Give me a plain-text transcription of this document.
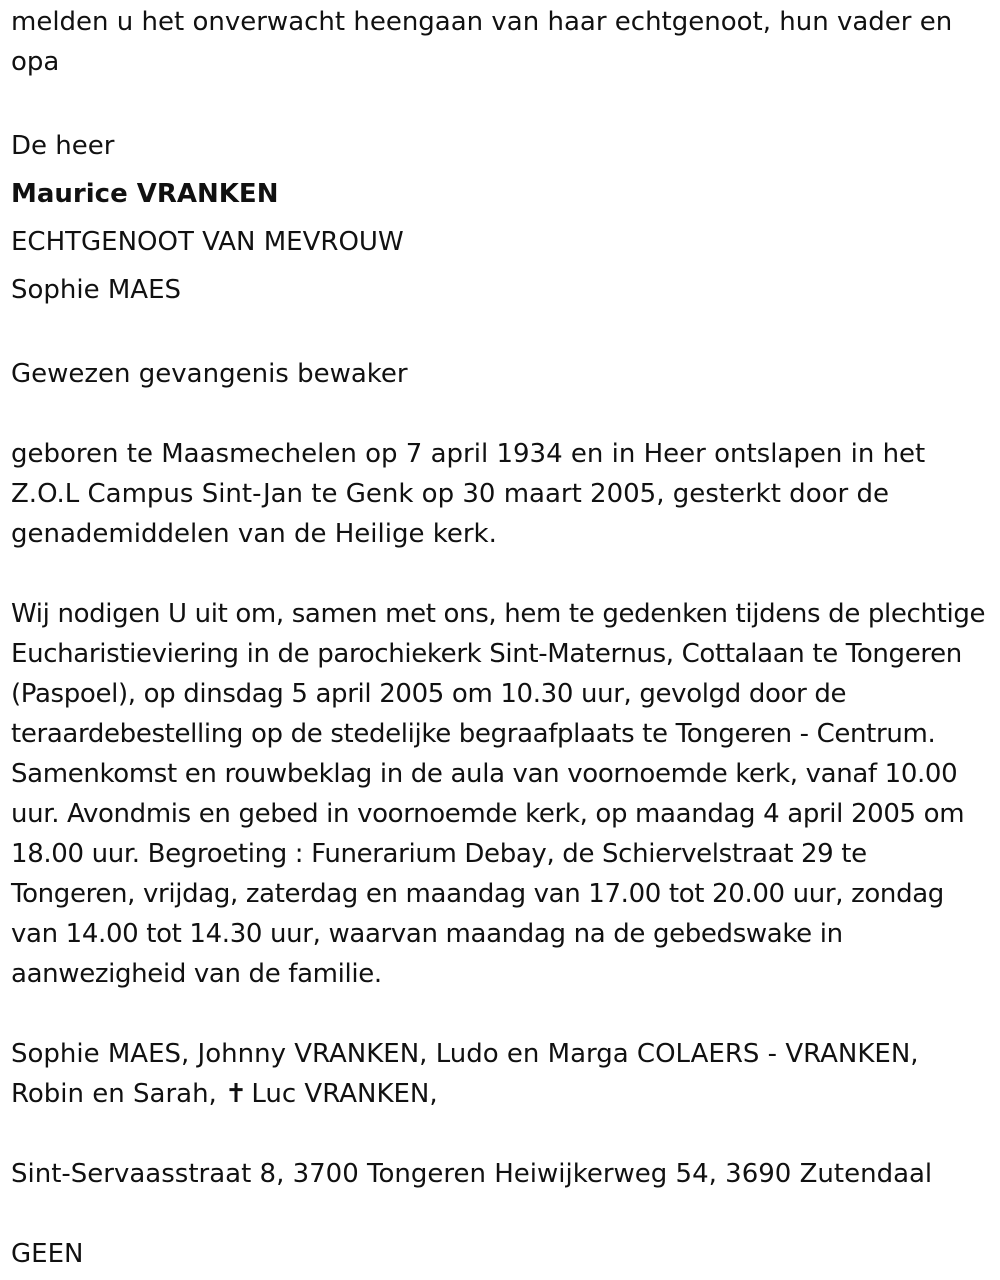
melden u het onverwacht heengaan van haar echtgenoot, hun vader en opa

De heer
Maurice VRANKEN
ECHTGENOOT VAN MEVROUW
Sophie MAES

Gewezen gevangenis bewaker

geboren te Maasmechelen op 7 april 1934 en in Heer ontslapen in het Z.O.L Campus Sint-Jan te Genk op 30 maart 2005, gesterkt door de genademiddelen van de Heilige kerk.

Wij nodigen U uit om, samen met ons, hem te gedenken tijdens de plechtige Eucharistieviering in de parochiekerk Sint-Maternus, Cottalaan te Tongeren (Paspoel), op dinsdag 5 april 2005 om 10.30 uur, gevolgd door de teraardebestelling op de stedelijke begraafplaats te Tongeren - Centrum. Samenkomst en rouwbeklag in de aula van voornoemde kerk, vanaf 10.00 uur. Avondmis en gebed in voornoemde kerk, op maandag 4 april 2005 om 18.00 uur. Begroeting : Funerarium Debay, de Schiervelstraat 29 te Tongeren, vrijdag, zaterdag en maandag van 17.00 tot 20.00 uur, zondag van 14.00 tot 14.30 uur, waarvan maandag na de gebedswake in aanwezigheid van de familie.

Sophie MAES, Johnny VRANKEN, Ludo en Marga COLAERS - VRANKEN, Robin en Sarah, ✝ Luc VRANKEN,

Sint-Servaasstraat 8, 3700 Tongeren Heiwijkerweg 54, 3690 Zutendaal

GEEN
